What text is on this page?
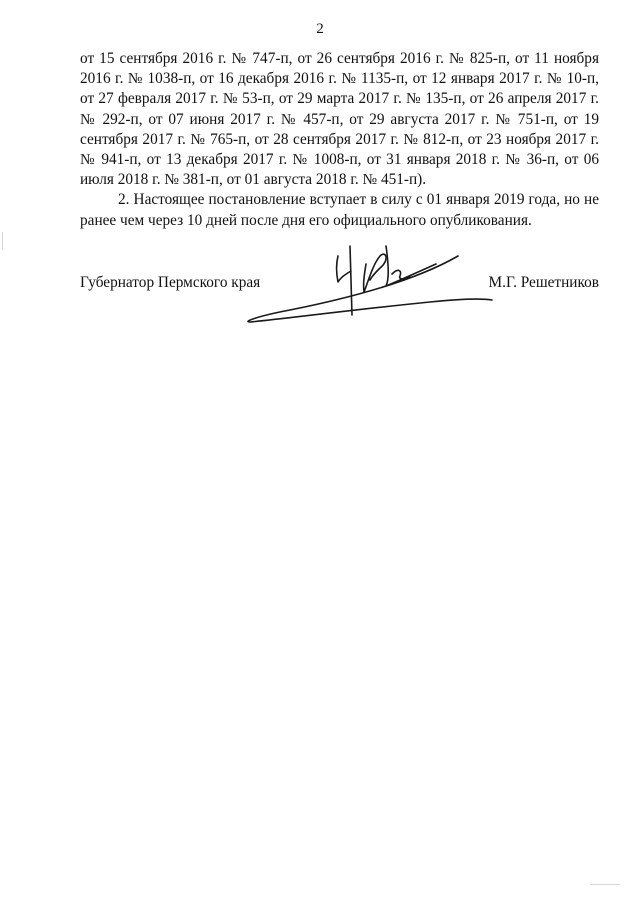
2

от 15 сентября 2016 г. № 747-п, от 26 сентября 2016 г. № 825-п, от 11 ноября 2016 г. № 1038-п, от 16 декабря 2016 г. № 1135-п, от 12 января 2017 г. № 10-п, от 27 февраля 2017 г. № 53-п, от 29 марта 2017 г. № 135-п, от 26 апреля 2017 г. № 292-п, от 07 июня 2017 г. № 457-п, от 29 августа 2017 г. № 751-п, от 19 сентября 2017 г. № 765-п, от 28 сентября 2017 г. № 812-п, от 23 ноября 2017 г. № 941-п, от 13 декабря 2017 г. № 1008-п, от 31 января 2018 г. № 36-п, от 06 июля 2018 г. № 381-п, от 01 августа 2018 г. № 451-п).

2. Настоящее постановление вступает в силу с 01 января 2019 года, но не ранее чем через 10 дней после дня его официального опубликования.

Губернатор Пермского края	М.Г. Решетников
